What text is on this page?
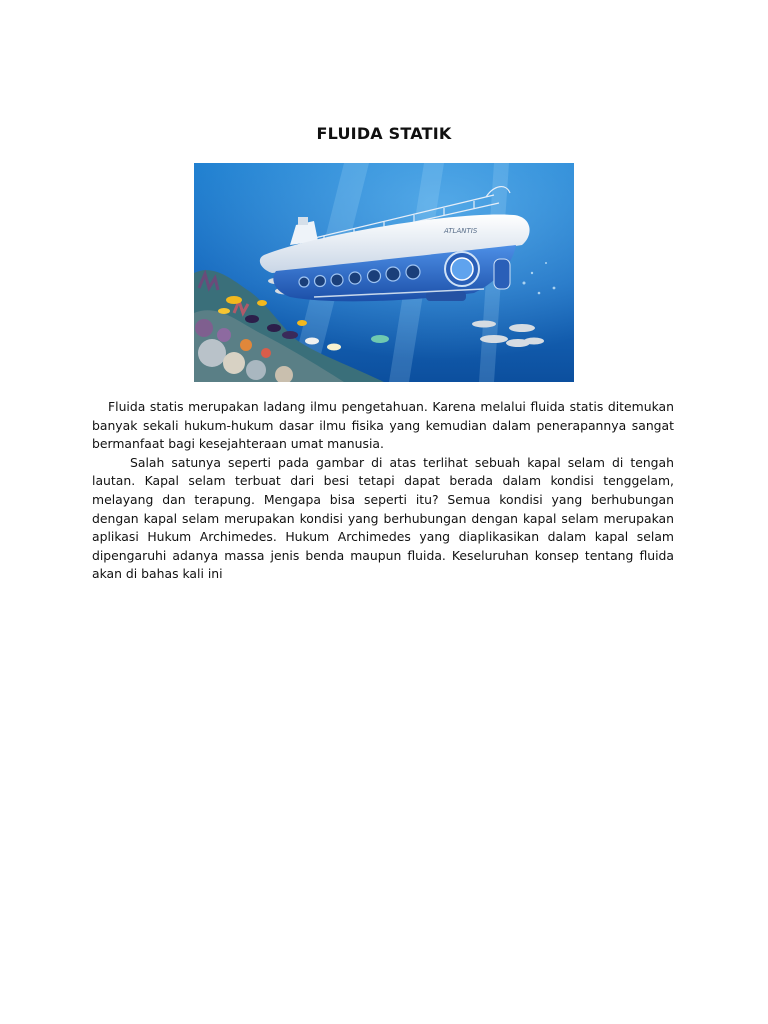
FLUIDA STATIK
ATLANTIS

Fluida statis merupakan ladang ilmu pengetahuan. Karena melalui fluida statis ditemukan banyak sekali hukum-hukum dasar ilmu fisika yang kemudian dalam penerapannya sangat bermanfaat bagi kesejahteraan umat manusia.

Salah satunya seperti pada gambar di atas terlihat sebuah kapal selam di tengah lautan. Kapal selam terbuat dari besi tetapi dapat berada dalam kondisi tenggelam, melayang dan terapung. Mengapa bisa seperti itu? Semua kondisi yang berhubungan dengan kapal selam merupakan kondisi yang berhubungan dengan kapal selam merupakan aplikasi Hukum Archimedes. Hukum Archimedes yang diaplikasikan dalam kapal selam dipengaruhi adanya massa jenis benda maupun fluida. Keseluruhan konsep tentang fluida akan di bahas kali ini
